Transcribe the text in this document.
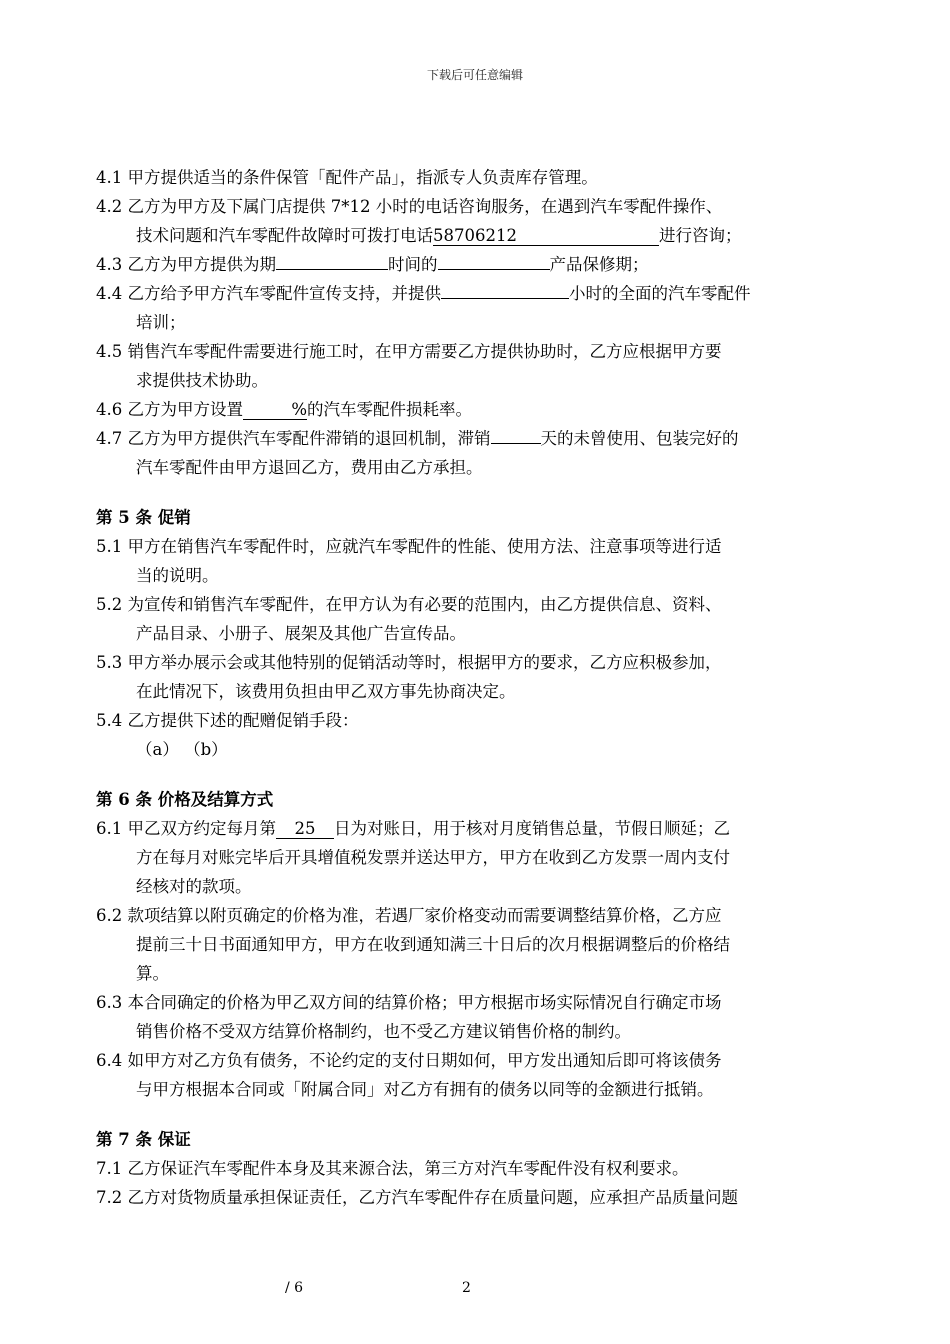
下载后可任意编辑
4.1 甲方提供适当的条件保管「配件产品」，指派专人负责库存管理。
4.2 乙方为甲方及下属门店提供 7*12 小时的电话咨询服务，在遇到汽车零配件操作、
技术问题和汽车零配件故障时可拨打电话58706212	进行咨询；
4.3 乙方为甲方提供为期	时间的	产品保修期；
4.4 乙方给予甲方汽车零配件宣传支持，并提供	小时的全面的汽车零配件
培训；
4.5 销售汽车零配件需要进行施工时，在甲方需要乙方提供协助时，乙方应根据甲方要
求提供技术协助。
4.6 乙方为甲方设置	%的汽车零配件损耗率。
4.7 乙方为甲方提供汽车零配件滞销的退回机制，滞销	天的未曾使用、包装完好的
汽车零配件由甲方退回乙方，费用由乙方承担。
第 5 条 促销
5.1 甲方在销售汽车零配件时，应就汽车零配件的性能、使用方法、注意事项等进行适
当的说明。
5.2 为宣传和销售汽车零配件，在甲方认为有必要的范围内，由乙方提供信息、资料、
产品目录、小册子、展架及其他广告宣传品。
5.3 甲方举办展示会或其他特别的促销活动等时，根据甲方的要求，乙方应积极参加，
在此情况下，该费用负担由甲乙双方事先协商决定。
5.4 乙方提供下述的配赠促销手段：
（a） （b）
第 6 条 价格及结算方式
6.1 甲乙双方约定每月第 25 日为对账日，用于核对月度销售总量，节假日顺延；乙
方在每月对账完毕后开具增值税发票并送达甲方，甲方在收到乙方发票一周内支付
经核对的款项。
6.2 款项结算以附页确定的价格为准，若遇厂家价格变动而需要调整结算价格，乙方应
提前三十日书面通知甲方，甲方在收到通知满三十日后的次月根据调整后的价格结
算。
6.3 本合同确定的价格为甲乙双方间的结算价格；甲方根据市场实际情况自行确定市场
销售价格不受双方结算价格制约，也不受乙方建议销售价格的制约。
6.4 如甲方对乙方负有债务，不论约定的支付日期如何，甲方发出通知后即可将该债务
与甲方根据本合同或「附属合同」对乙方有拥有的债务以同等的金额进行抵销。
第 7 条 保证
7.1 乙方保证汽车零配件本身及其来源合法，第三方对汽车零配件没有权利要求。
7.2 乙方对货物质量承担保证责任，乙方汽车零配件存在质量问题，应承担产品质量问题
/ 6	2
